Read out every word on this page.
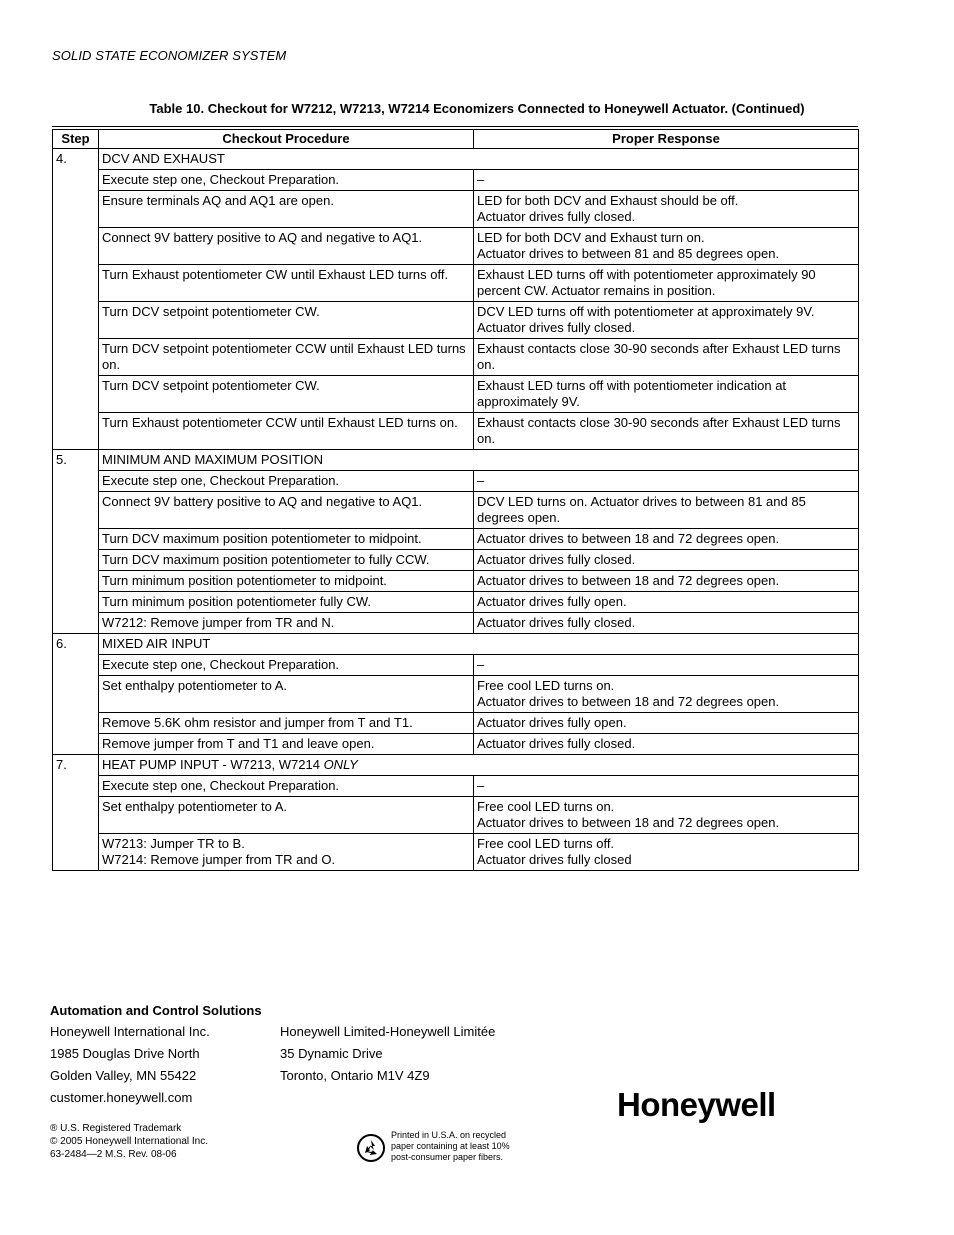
SOLID STATE ECONOMIZER SYSTEM
Table 10. Checkout for W7212, W7213, W7214 Economizers Connected to Honeywell Actuator. (Continued)
Step	Checkout Procedure	Proper Response
4.	DCV AND EXHAUST	

	Execute step one, Checkout Preparation.	–

	Ensure terminals AQ and AQ1 are open.	LED for both DCV and Exhaust should be off.
Actuator drives fully closed.

	Connect 9V battery positive to AQ and negative to AQ1.	LED for both DCV and Exhaust turn on.
Actuator drives to between 81 and 85 degrees open.

	Turn Exhaust potentiometer CW until Exhaust LED turns off.	Exhaust LED turns off with potentiometer approximately 90 percent CW. Actuator remains in position.

	Turn DCV setpoint potentiometer CW.	DCV LED turns off with potentiometer at approximately 9V.
Actuator drives fully closed.

	Turn DCV setpoint potentiometer CCW until Exhaust LED turns on.	Exhaust contacts close 30-90 seconds after Exhaust LED turns on.

	Turn DCV setpoint potentiometer CW.	Exhaust LED turns off with potentiometer indication at approximately 9V.

	Turn Exhaust potentiometer CCW until Exhaust LED turns on.	Exhaust contacts close 30-90 seconds after Exhaust LED turns on.

5.	MINIMUM AND MAXIMUM POSITION	

	Execute step one, Checkout Preparation.	–

	Connect 9V battery positive to AQ and negative to AQ1.	DCV LED turns on. Actuator drives to between 81 and 85 degrees open.

	Turn DCV maximum position potentiometer to midpoint.	Actuator drives to between 18 and 72 degrees open.

	Turn DCV maximum position potentiometer to fully CCW.	Actuator drives fully closed.

	Turn minimum position potentiometer to midpoint.	Actuator drives to between 18 and 72 degrees open.

	Turn minimum position potentiometer fully CW.	Actuator drives fully open.

	W7212: Remove jumper from TR and N.	Actuator drives fully closed.

6.	MIXED AIR INPUT	

	Execute step one, Checkout Preparation.	–

	Set enthalpy potentiometer to A.	Free cool LED turns on.
Actuator drives to between 18 and 72 degrees open.

	Remove 5.6K ohm resistor and jumper from T and T1.	Actuator drives fully open.

	Remove jumper from T and T1 and leave open.	Actuator drives fully closed.

7.	HEAT PUMP INPUT - W7213, W7214 ONLY	

	Execute step one, Checkout Preparation.	–

	Set enthalpy potentiometer to A.	Free cool LED turns on.
Actuator drives to between 18 and 72 degrees open.

	W7213: Jumper TR to B.
W7214: Remove jumper from TR and O.	Free cool LED turns off.
Actuator drives fully closed
Automation and Control Solutions
Honeywell International Inc.
1985 Douglas Drive North
Golden Valley, MN 55422
customer.honeywell.com
Honeywell Limited-Honeywell Limitée
35 Dynamic Drive
Toronto, Ontario M1V 4Z9
® U.S. Registered Trademark
© 2005 Honeywell International Inc.
63-2484—2 M.S. Rev. 08-06
Printed in U.S.A. on recycled
paper containing at least 10%
post-consumer paper fibers.
Honeywell
